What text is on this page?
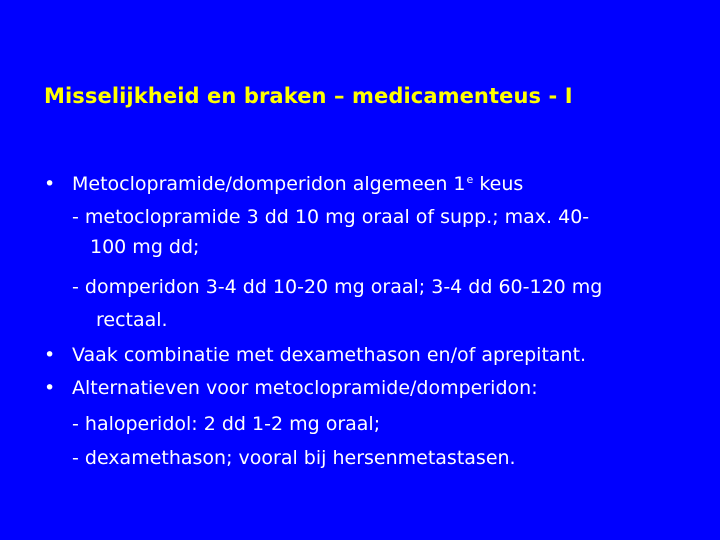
Misselijkheid en braken – medicamenteus - I
• Metoclopramide/domperidon algemeen 1e keus
- metoclopramide 3 dd 10 mg oraal of supp.; max. 40-
100 mg dd;
- domperidon 3-4 dd 10-20 mg oraal; 3-4 dd 60-120 mg
rectaal.
• Vaak combinatie met dexamethason en/of aprepitant.
• Alternatieven voor metoclopramide/domperidon:
- haloperidol: 2 dd 1-2 mg oraal;
- dexamethason; vooral bij hersenmetastasen.
